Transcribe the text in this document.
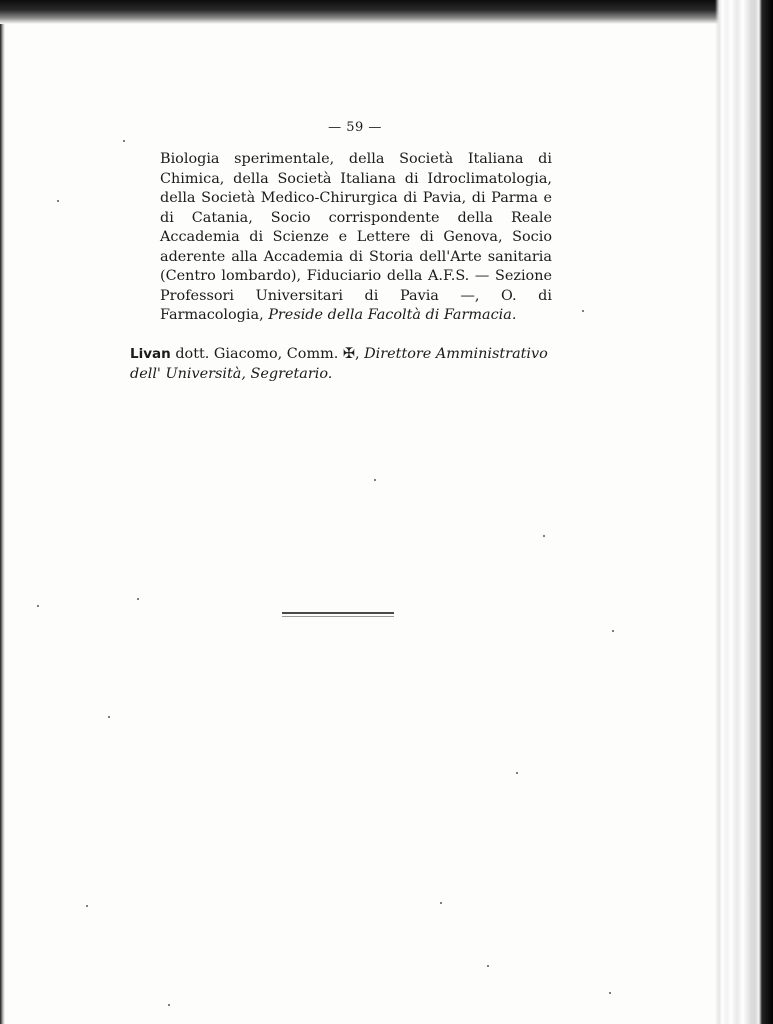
— 59 —
Biologia sperimentale, della Società Italiana di Chimica, della Società Italiana di Idroclimatologia, della Società Medico-Chirurgica di Pavia, di Parma e di Catania, Socio corrispondente della Reale Accademia di Scienze e Lettere di Genova, Socio aderente alla Accademia di Storia dell'Arte sanitaria (Centro lombardo), Fiduciario della A.F.S. — Sezione Professori Universitari di Pavia —, O. di Farmacologia, Preside della Facoltà di Farmacia.
Livan dott. Giacomo, Comm. ✠, Direttore Amministrativo dell' Università, Segretario.
